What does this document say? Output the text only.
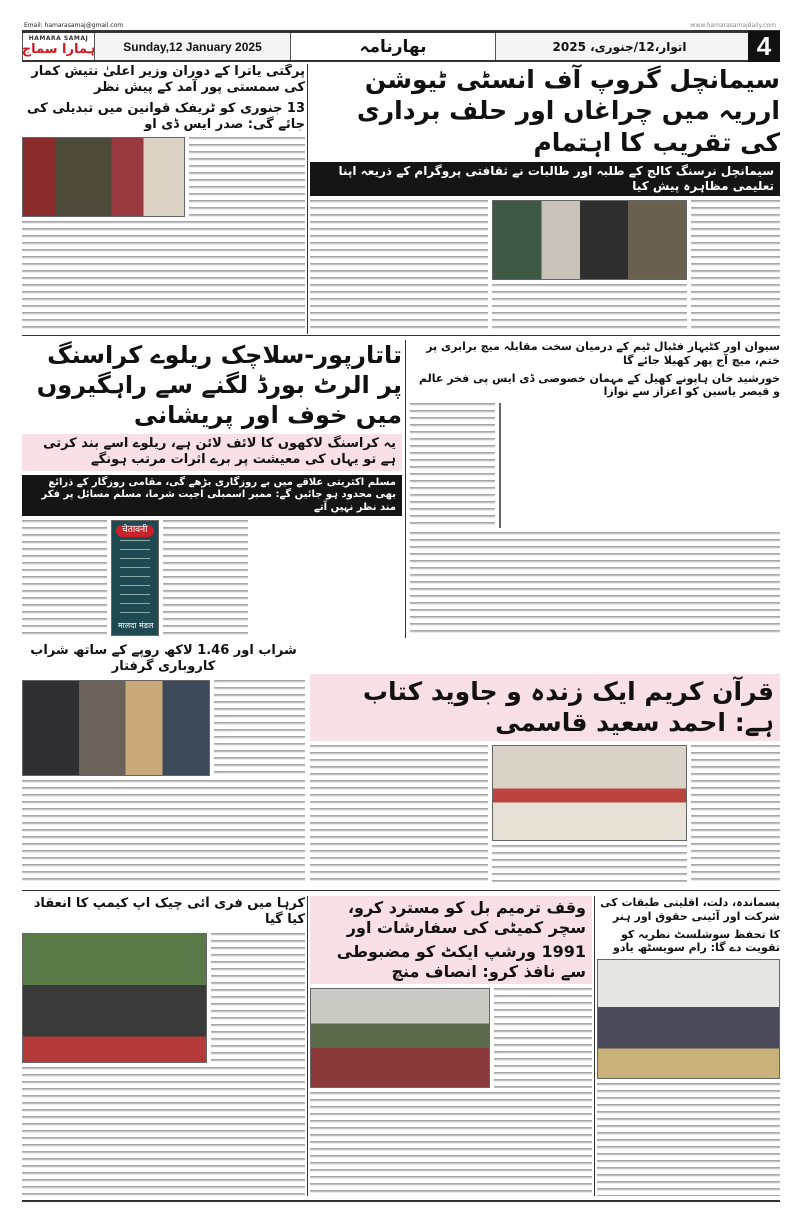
Email: hamarasamaj@gmail.com	www.hamarasamajdaily.com
HAMARA SAMAJ
ہمارا سماج	Sunday,12 January 2025	بھارنامہ	اتوار،12/جنوری، 2025	4
سیمانچل گروپ آف انسٹی ٹیوشن ارریہ میں چراغاں اور حلف برداری کی تقریب کا اہتمام
سیمانچل نرسنگ کالج کے طلبہ اور طالبات نے ثقافتی پروگرام کے ذریعہ اپنا تعلیمی مظاہرہ پیش کیا
پرگتی یاترا کے دوران وزیر اعلیٰ نتیش کمار کی سمستی پور آمد کے پیش نظر
13 جنوری کو ٹریفک قوانین میں تبدیلی کی جائے گی: صدر ایس ڈی او
تاتارپور-سلاچک ریلوے کراسنگ پر الرٹ بورڈ لگنے سے راہگیروں میں خوف اور پریشانی
یہ کراسنگ لاکھوں کا لائف لائن ہے، ریلوے اسے بند کرتی ہے تو یہاں کی معیشت پر برے اثرات مرتب ہونگے
مسلم اکثریتی علاقے میں بے روزگاری بڑھے گی، مقامی روزگار کے ذرائع بھی محدود ہو جائیں گے: ممبر اسمبلی اجیت شرما، مسلم مسائل پر فکر مند نظر نہیں آتے
चेतावनी
मालदा मंडल
سیوان اور کٹیہار فٹبال ٹیم کے درمیان سخت مقابلہ میچ برابری پر ختم، میچ آج پھر کھیلا جائے گا
خورشید خان ہاپونے کھیل کے مہمان خصوصی ڈی ایس پی فخر عالم و قیصر یاسین کو اعزاز سے نوازا
شراب اور 1.46 لاکھ روپے کے ساتھ شراب کاروباری گرفتار
قرآن کریم ایک زندہ و جاوید کتاب ہے: احمد سعید قاسمی
کرہا میں فری آئی چیک اپ کیمپ کا انعقاد کیا گیا
وقف ترمیم بل کو مسترد کرو، سچر کمیٹی کی سفارشات اور
1991 ورشپ ایکٹ کو مضبوطی سے نافذ کرو: انصاف منچ
پسماندہ، دلت، اقلیتی طبقات کی شرکت اور آئینی حقوق اور ہنر
کا تحفظ سوشلسٹ نظریہ کو تقویت دے گا: رام سویسٹھ یادو
